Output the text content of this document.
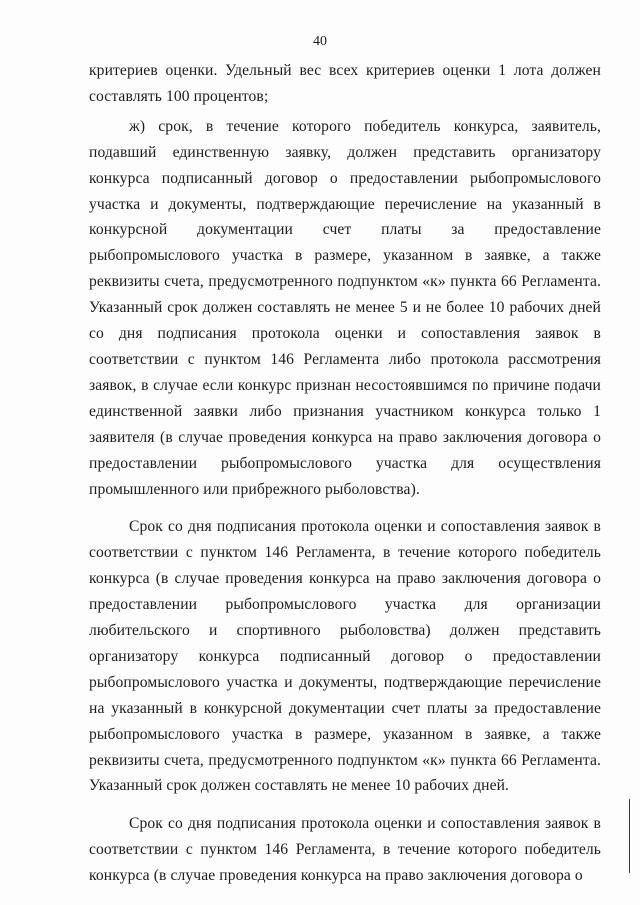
40

критериев оценки. Удельный вес всех критериев оценки 1 лота должен составлять 100 процентов;

ж) срок, в течение которого победитель конкурса, заявитель, подавший единственную заявку, должен представить организатору конкурса подписанный договор о предоставлении рыбопромыслового участка и документы, подтверждающие перечисление на указанный в конкурсной документации счет платы за предоставление рыбопромыслового участка в размере, указанном в заявке, а также реквизиты счета, предусмотренного подпунктом «к» пункта 66 Регламента. Указанный срок должен составлять не менее 5 и не более 10 рабочих дней со дня подписания протокола оценки и сопоставления заявок в соответствии с пунктом 146 Регламента либо протокола рассмотрения заявок, в случае если конкурс признан несостоявшимся по причине подачи единственной заявки либо признания участником конкурса только 1 заявителя (в случае проведения конкурса на право заключения договора о предоставлении рыбопромыслового участка для осуществления промышленного или прибрежного рыболовства).

Срок со дня подписания протокола оценки и сопоставления заявок в соответствии с пунктом 146 Регламента, в течение которого победитель конкурса (в случае проведения конкурса на право заключения договора о предоставлении рыбопромыслового участка для организации любительского и спортивного рыболовства) должен представить организатору конкурса подписанный договор о предоставлении рыбопромыслового участка и документы, подтверждающие перечисление на указанный в конкурсной документации счет платы за предоставление рыбопромыслового участка в размере, указанном в заявке, а также реквизиты счета, предусмотренного подпунктом «к» пункта 66 Регламента. Указанный срок должен составлять не менее 10 рабочих дней.

Срок со дня подписания протокола оценки и сопоставления заявок в соответствии с пунктом 146 Регламента, в течение которого победитель конкурса (в случае проведения конкурса на право заключения договора о
